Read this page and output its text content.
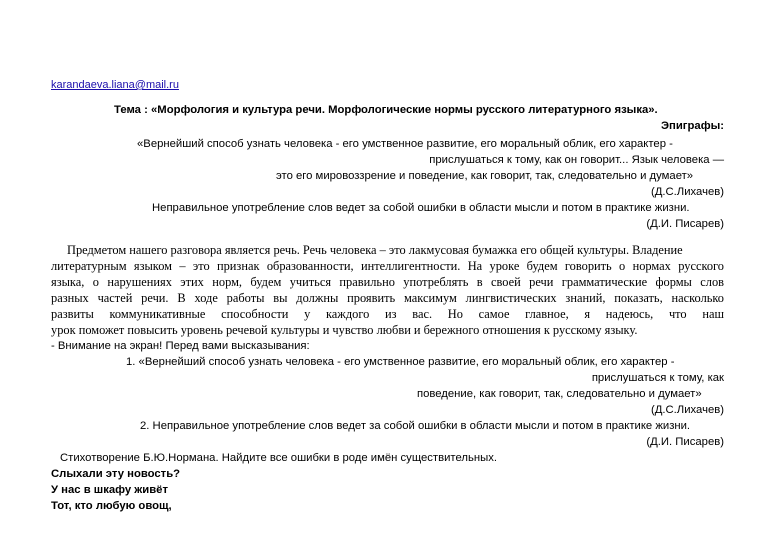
karandaeva.liana@mail.ru
Тема : «Морфология и культура речи. Морфологические нормы русского литературного языка».
Эпиграфы:
«Вернейший способ узнать человека - его умственное развитие, его моральный облик, его характер -
прислушаться к тому, как он говорит... Язык человека —
это его мировоззрение и поведение, как говорит, так, следовательно и думает»
(Д.С.Лихачев)
Неправильное употребление слов ведет за собой ошибки в области мысли и потом в практике жизни.
(Д.И. Писарев)
Предметом нашего разговора является речь. Речь человека – это лакмусовая бумажка его общей культуры. Владение
литературным языком – это признак образованности, интеллигентности. На уроке будем говорить о нормах русского
языка, о нарушениях этих норм, будем учиться правильно употреблять в своей речи грамматические формы слов
разных частей речи. В ходе работы вы должны проявить максимум лингвистических знаний, показать, насколько
развиты коммуникативные способности у каждого из вас. Но самое главное, я надеюсь, что наш
урок поможет повысить уровень речевой культуры и чувство любви и бережного отношения к русскому языку.
- Внимание на экран! Перед вами высказывания:
1. «Вернейший способ узнать человека - его умственное развитие, его моральный облик, его характер -
прислушаться к тому, как
поведение, как говорит, так, следовательно и думает»
(Д.С.Лихачев)
2. Неправильное употребление слов ведет за собой ошибки в области мысли и потом в практике жизни.
(Д.И. Писарев)
Стихотворение Б.Ю.Нормана. Найдите все ошибки в роде имён существительных.
Слыхали эту новость?
У нас в шкафу живёт
Тот, кто любую овощ,
